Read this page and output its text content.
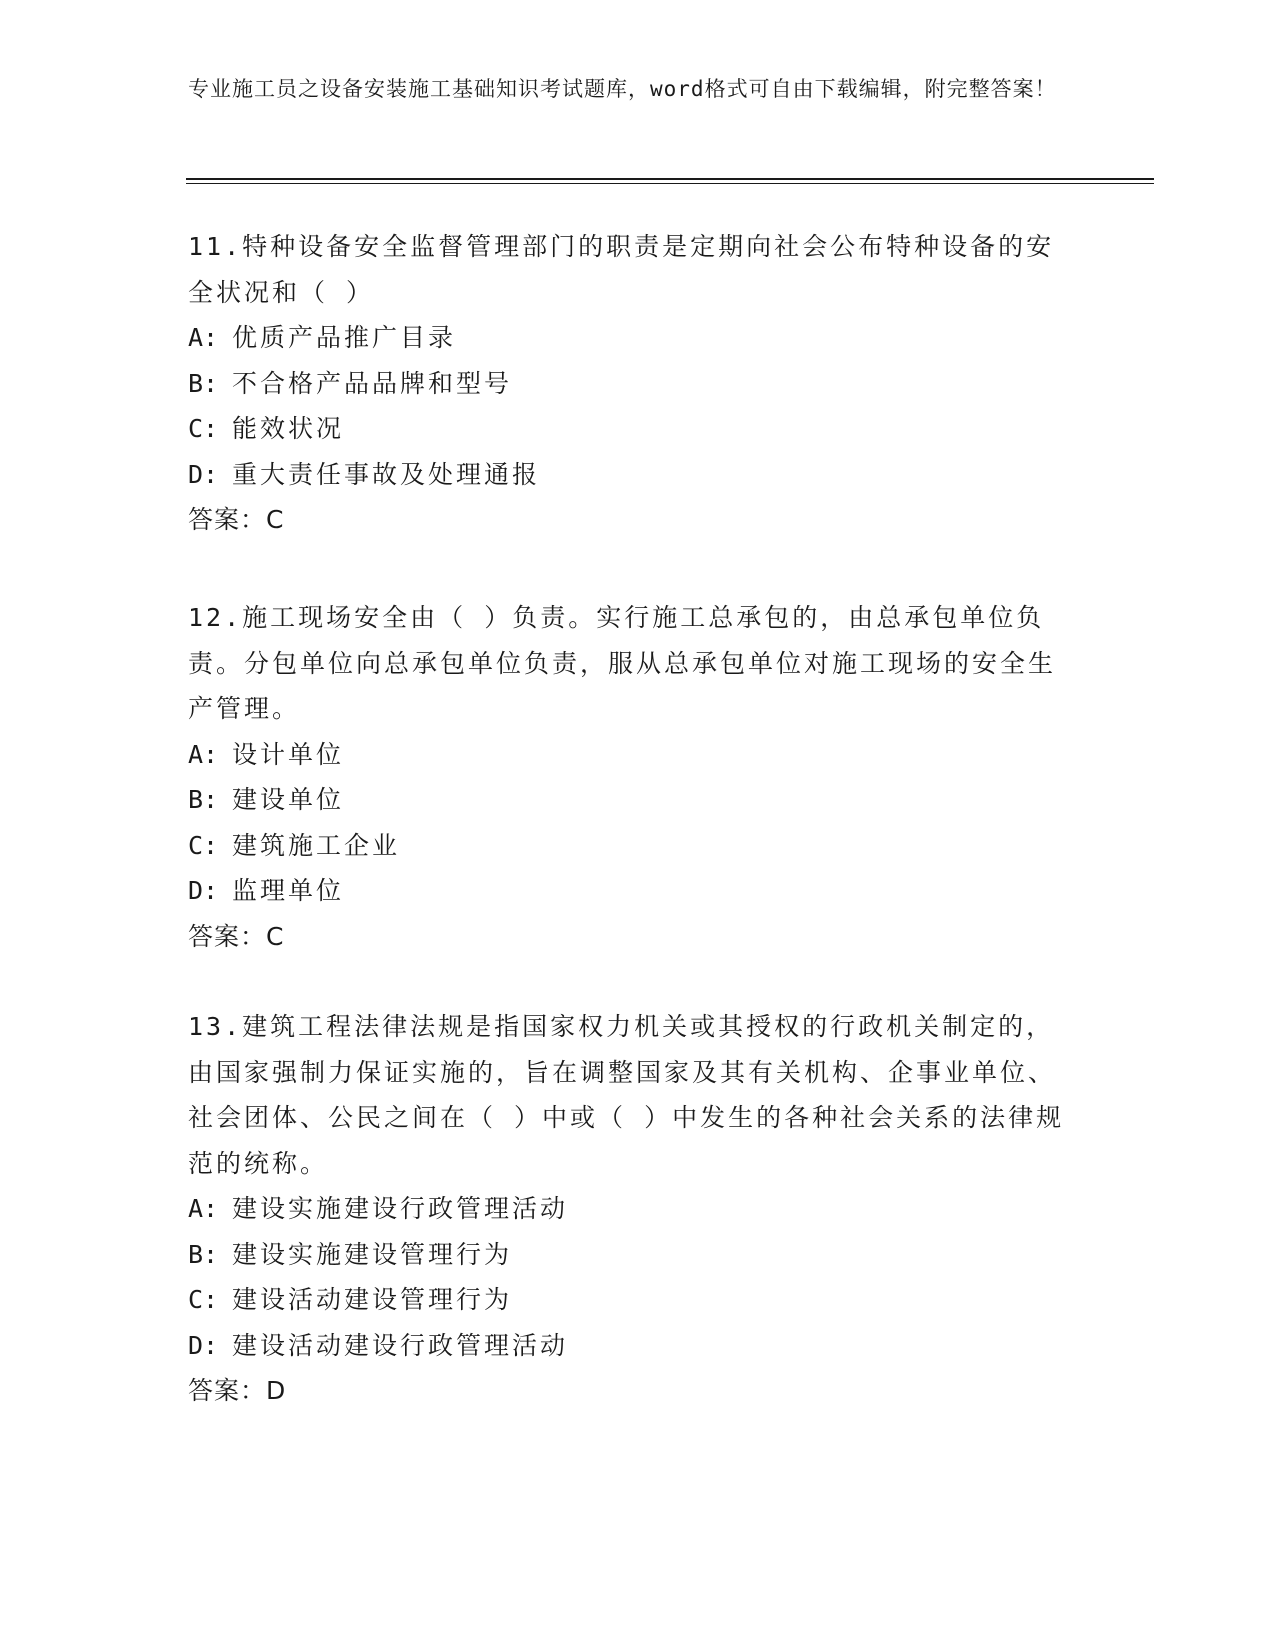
专业施工员之设备安装施工基础知识考试题库，word格式可自由下载编辑，附完整答案！
11.特种设备安全监督管理部门的职责是定期向社会公布特种设备的安全状况和（ ）
A: 优质产品推广目录
B: 不合格产品品牌和型号
C: 能效状况
D: 重大责任事故及处理通报
答案：C
12.施工现场安全由（ ）负责。实行施工总承包的，由总承包单位负责。分包单位向总承包单位负责，服从总承包单位对施工现场的安全生产管理。
A: 设计单位
B: 建设单位
C: 建筑施工企业
D: 监理单位
答案：C
13.建筑工程法律法规是指国家权力机关或其授权的行政机关制定的，由国家强制力保证实施的，旨在调整国家及其有关机构、企事业单位、社会团体、公民之间在（ ）中或（ ）中发生的各种社会关系的法律规范的统称。
A: 建设实施建设行政管理活动
B: 建设实施建设管理行为
C: 建设活动建设管理行为
D: 建设活动建设行政管理活动
答案：D
